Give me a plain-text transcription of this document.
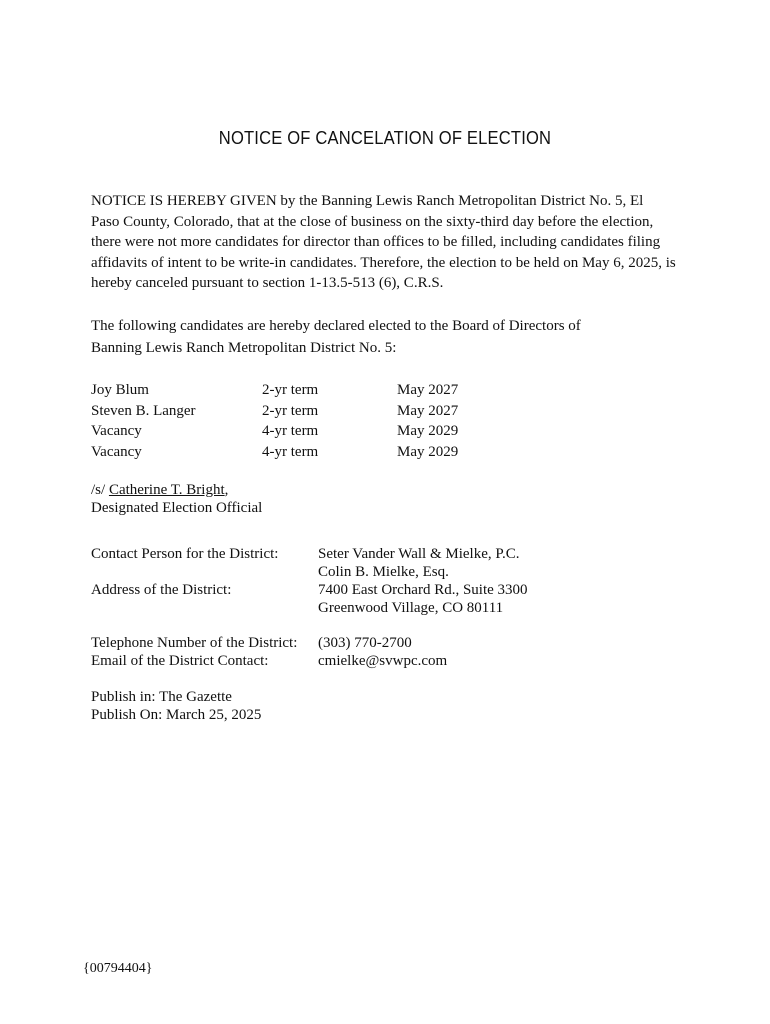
NOTICE OF CANCELATION OF ELECTION
NOTICE IS HEREBY GIVEN by the Banning Lewis Ranch Metropolitan District No. 5, El
Paso County, Colorado, that at the close of business on the sixty-third day before the election,
there were not more candidates for director than offices to be filled, including candidates filing
affidavits of intent to be write-in candidates. Therefore, the election to be held on May 6, 2025, is
hereby canceled pursuant to section 1-13.5-513 (6), C.R.S.
The following candidates are hereby declared elected to the Board of Directors of
Banning Lewis Ranch Metropolitan District No. 5:
Joy Blum	2-yr term	May 2027
Steven B. Langer	2-yr term	May 2027
Vacancy	4-yr term	May 2029
Vacancy	4-yr term	May 2029
/s/ Catherine T. Bright,
Designated Election Official
Contact Person for the District:	Seter Vander Wall & Mielke, P.C.
Colin B. Mielke, Esq.
Address of the District:	7400 East Orchard Rd., Suite 3300
Greenwood Village, CO 80111
Telephone Number of the District: (303) 770-2700
Email of the District Contact:	cmielke@svwpc.com
Publish in: The Gazette
Publish On: March 25, 2025
{00794404}
